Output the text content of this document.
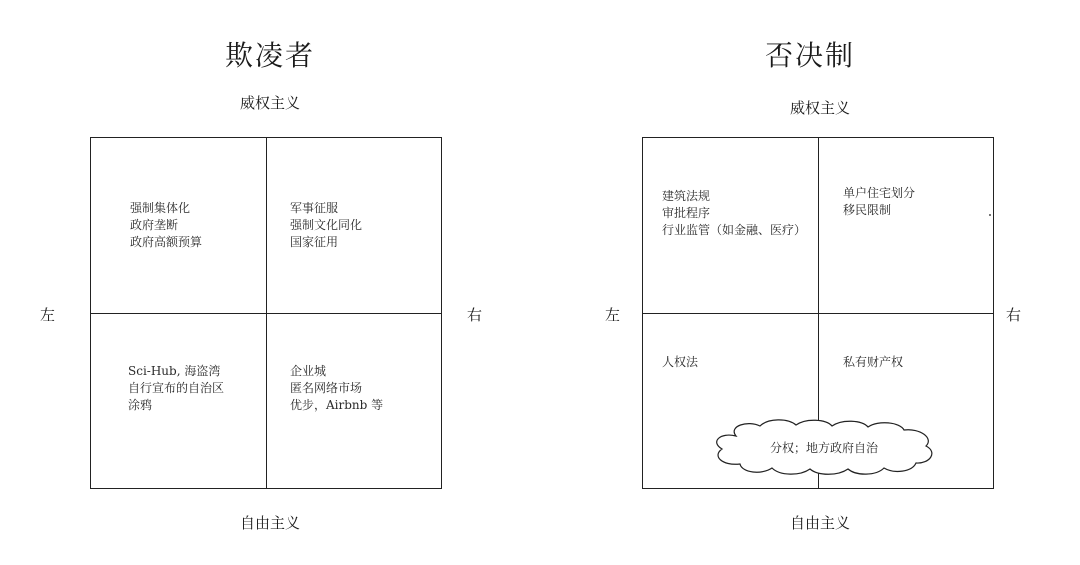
欺凌者
威权主义
左	右
自由主义
强制集体化
政府垄断
政府高额预算
军事征服
强制文化同化
国家征用
Sci-Hub, 海盗湾
自行宣布的自治区
涂鸦
企业城
匿名网络市场
优步，Airbnb 等
否决制
威权主义
左	右
自由主义
建筑法规
审批程序
行业监管（如金融、医疗）
单户住宅划分
移民限制
人权法	私有财产权
分权；地方政府自治
